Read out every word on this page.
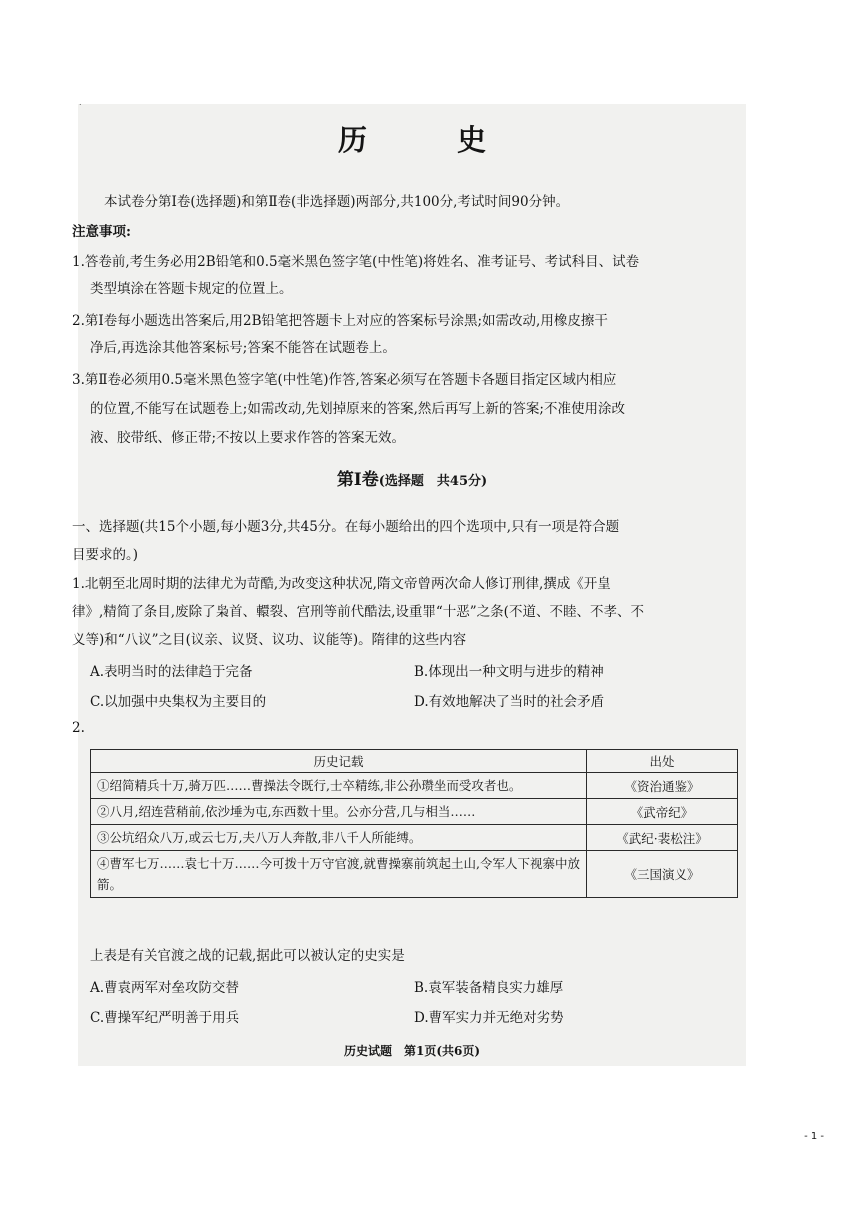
˙
历 史
本试卷分第Ⅰ卷(选择题)和第Ⅱ卷(非选择题)两部分,共100分,考试时间90分钟。
注意事项:
1.答卷前,考生务必用2B铅笔和0.5毫米黑色签字笔(中性笔)将姓名、准考证号、考试科目、试卷
类型填涂在答题卡规定的位置上。
2.第Ⅰ卷每小题选出答案后,用2B铅笔把答题卡上对应的答案标号涂黑;如需改动,用橡皮擦干
净后,再选涂其他答案标号;答案不能答在试题卷上。
3.第Ⅱ卷必须用0.5毫米黑色签字笔(中性笔)作答,答案必须写在答题卡各题目指定区域内相应
的位置,不能写在试题卷上;如需改动,先划掉原来的答案,然后再写上新的答案;不准使用涂改
液、胶带纸、修正带;不按以上要求作答的答案无效。
第Ⅰ卷(选择题　共45分)
一、选择题(共15个小题,每小题3分,共45分。在每小题给出的四个选项中,只有一项是符合题
目要求的。)
1.北朝至北周时期的法律尤为苛酷,为改变这种状况,隋文帝曾两次命人修订刑律,撰成《开皇
律》,精简了条目,废除了枭首、轘裂、宫刑等前代酷法,设重罪“十恶”之条(不道、不睦、不孝、不
义等)和“八议”之目(议亲、议贤、议功、议能等)。隋律的这些内容
A.表明当时的法律趋于完备	B.体现出一种文明与进步的精神
C.以加强中央集权为主要目的	D.有效地解决了当时的社会矛盾
2.
历史记载	出处
①绍简精兵十万,骑万匹……曹操法令既行,士卒精练,非公孙瓒坐而受攻者也。	《资治通鉴》
②八月,绍连营稍前,依沙埵为屯,东西数十里。公亦分营,几与相当……	《武帝纪》
③公坑绍众八万,或云七万,夫八万人奔散,非八千人所能缚。	《武纪·裴松注》
④曹军七万……袁七十万……今可拨十万守官渡,就曹操寨前筑起土山,令军人下视寨中放箭。	《三国演义》
上表是有关官渡之战的记载,据此可以被认定的史实是
A.曹袁两军对垒攻防交替	B.袁军装备精良实力雄厚
C.曹操军纪严明善于用兵	D.曹军实力并无绝对劣势
历史试题　第1页(共6页)
- 1 -
